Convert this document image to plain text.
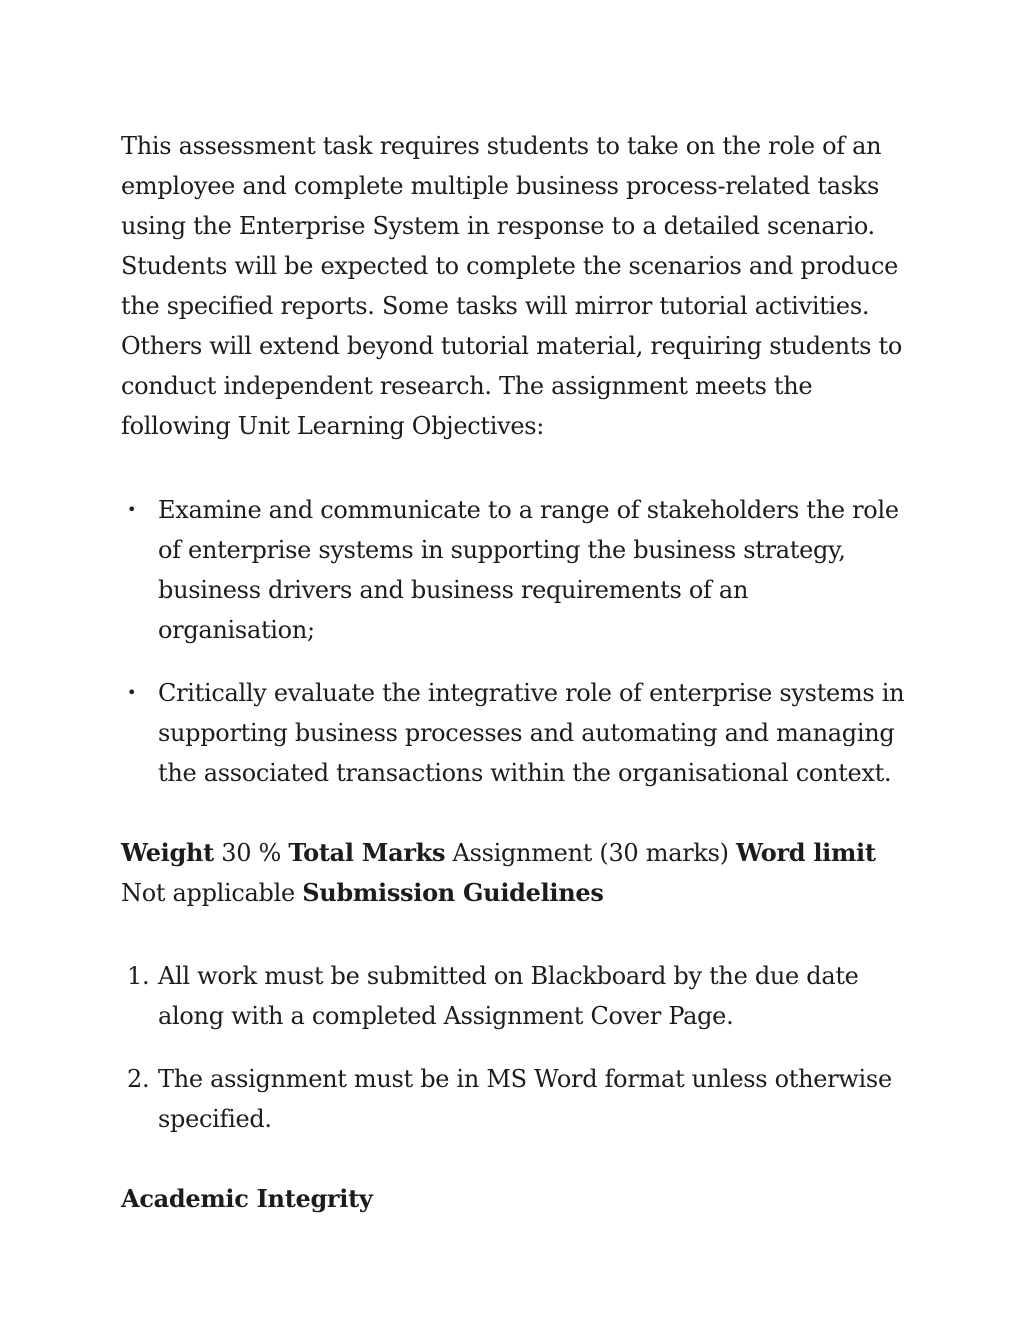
This assessment task requires students to take on the role of an employee and complete multiple business process-related tasks using the Enterprise System in response to a detailed scenario. Students will be expected to complete the scenarios and produce the specified reports. Some tasks will mirror tutorial activities. Others will extend beyond tutorial material, requiring students to conduct independent research. The assignment meets the following Unit Learning Objectives:

• Examine and communicate to a range of stakeholders the role of enterprise systems in supporting the business strategy, business drivers and business requirements of an organisation;
• Critically evaluate the integrative role of enterprise systems in supporting business processes and automating and managing the associated transactions within the organisational context.

Weight 30 % Total Marks Assignment (30 marks) Word limit Not applicable Submission Guidelines

1. All work must be submitted on Blackboard by the due date along with a completed Assignment Cover Page.
2. The assignment must be in MS Word format unless otherwise specified.
Academic Integrity
